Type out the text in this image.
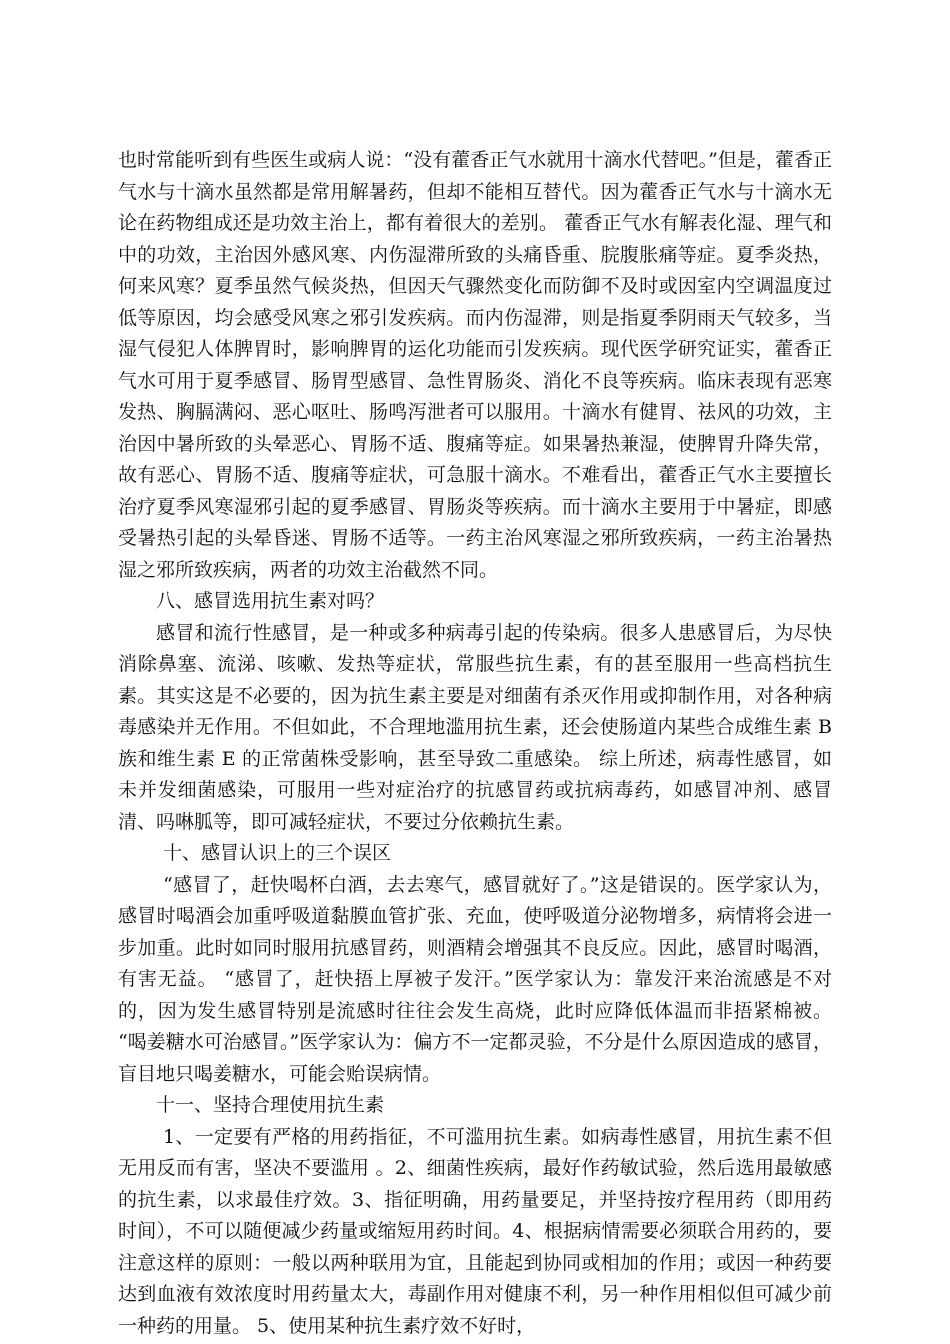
也时常能听到有些医生或病人说：“没有藿香正气水就用十滴水代替吧。”但是，藿香正气水与十滴水虽然都是常用解暑药，但却不能相互替代。因为藿香正气水与十滴水无论在药物组成还是功效主治上，都有着很大的差别。 藿香正气水有解表化湿、理气和中的功效，主治因外感风寒、内伤湿滞所致的头痛昏重、脘腹胀痛等症。夏季炎热，何来风寒？夏季虽然气候炎热，但因天气骤然变化而防御不及时或因室内空调温度过低等原因，均会感受风寒之邪引发疾病。而内伤湿滞，则是指夏季阴雨天气较多，当湿气侵犯人体脾胃时，影响脾胃的运化功能而引发疾病。现代医学研究证实，藿香正气水可用于夏季感冒、肠胃型感冒、急性胃肠炎、消化不良等疾病。临床表现有恶寒发热、胸膈满闷、恶心呕吐、肠鸣泻泄者可以服用。十滴水有健胃、祛风的功效，主治因中暑所致的头晕恶心、胃肠不适、腹痛等症。如果暑热兼湿，使脾胃升降失常，故有恶心、胃肠不适、腹痛等症状，可急服十滴水。不难看出，藿香正气水主要擅长治疗夏季风寒湿邪引起的夏季感冒、胃肠炎等疾病。而十滴水主要用于中暑症，即感受暑热引起的头晕昏迷、胃肠不适等。一药主治风寒湿之邪所致疾病，一药主治暑热湿之邪所致疾病，两者的功效主治截然不同。

八、感冒选用抗生素对吗？

感冒和流行性感冒，是一种或多种病毒引起的传染病。很多人患感冒后，为尽快消除鼻塞、流涕、咳嗽、发热等症状，常服些抗生素，有的甚至服用一些高档抗生素。其实这是不必要的，因为抗生素主要是对细菌有杀灭作用或抑制作用，对各种病毒感染并无作用。不但如此，不合理地滥用抗生素，还会使肠道内某些合成维生素 B 族和维生素 E 的正常菌株受影响，甚至导致二重感染。 综上所述，病毒性感冒，如未并发细菌感染，可服用一些对症治疗的抗感冒药或抗病毒药，如感冒冲剂、感冒清、吗啉胍等，即可减轻症状，不要过分依赖抗生素。

十、感冒认识上的三个误区

“感冒了，赶快喝杯白酒，去去寒气，感冒就好了。”这是错误的。医学家认为，感冒时喝酒会加重呼吸道黏膜血管扩张、充血，使呼吸道分泌物增多，病情将会进一步加重。此时如同时服用抗感冒药，则酒精会增强其不良反应。因此，感冒时喝酒，有害无益。 “感冒了，赶快捂上厚被子发汗。”医学家认为：靠发汗来治流感是不对的，因为发生感冒特别是流感时往往会发生高烧，此时应降低体温而非捂紧棉被。 “喝姜糖水可治感冒。”医学家认为：偏方不一定都灵验，不分是什么原因造成的感冒，盲目地只喝姜糖水，可能会贻误病情。

十一、坚持合理使用抗生素

1、一定要有严格的用药指征，不可滥用抗生素。如病毒性感冒，用抗生素不但无用反而有害，坚决不要滥用 。2、细菌性疾病，最好作药敏试验，然后选用最敏感的抗生素，以求最佳疗效。3、指征明确，用药量要足，并坚持按疗程用药（即用药时间），不可以随便减少药量或缩短用药时间。4、根据病情需要必须联合用药的，要注意这样的原则：一般以两种联用为宜，且能起到协同或相加的作用；或因一种药要达到血液有效浓度时用药量太大，毒副作用对健康不利，另一种作用相似但可减少前一种药的用量。 5、使用某种抗生素疗效不好时，
